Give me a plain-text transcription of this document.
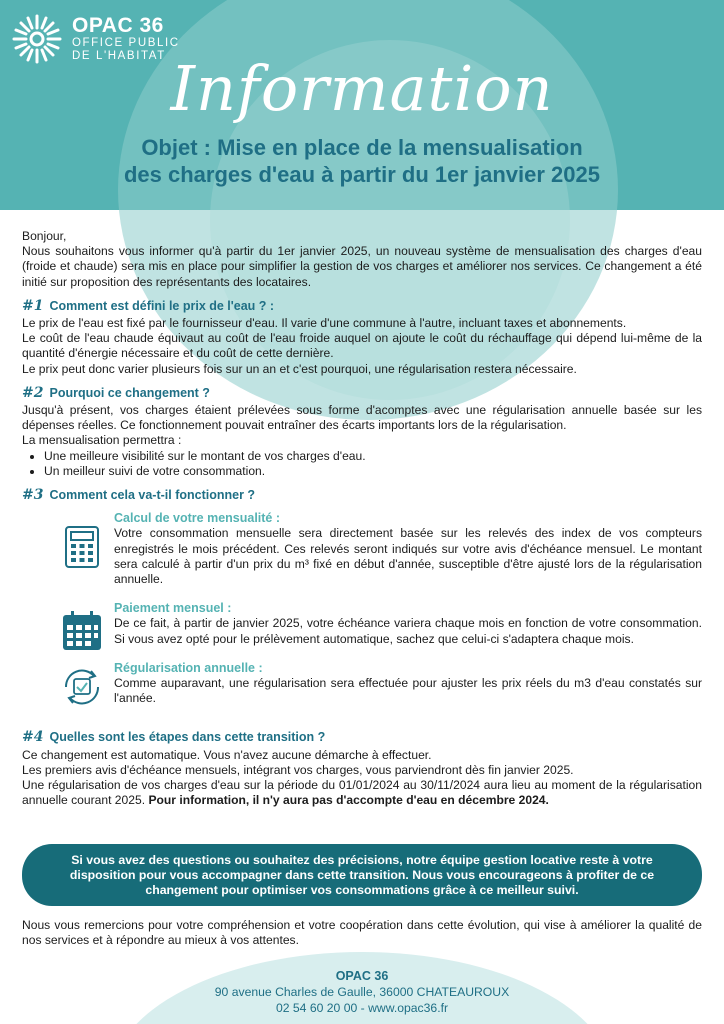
OPAC 36
OFFICE PUBLIC
DE L'HABITAT Information
Objet : Mise en place de la mensualisation
des charges d'eau à partir du 1er janvier 2025

Bonjour,

Nous souhaitons vous informer qu'à partir du 1er janvier 2025, un nouveau système de mensualisation des charges d'eau (froide et chaude) sera mis en place pour simplifier la gestion de vos charges et améliorer nos services. Ce changement a été initié sur proposition des représentants des locataires.

#1 Comment est défini le prix de l'eau ? :

Le prix de l'eau est fixé par le fournisseur d'eau. Il varie d'une commune à l'autre, incluant taxes et abonnements.

Le coût de l'eau chaude équivaut au coût de l'eau froide auquel on ajoute le coût du réchauffage qui dépend lui-même de la quantité d'énergie nécessaire et du coût de cette dernière.

Le prix peut donc varier plusieurs fois sur un an et c'est pourquoi, une régularisation restera nécessaire.

#2 Pourquoi ce changement ?

Jusqu'à présent, vos charges étaient prélevées sous forme d'acomptes avec une régularisation annuelle basée sur les dépenses réelles. Ce fonctionnement pouvait entraîner des écarts importants lors de la régularisation.

La mensualisation permettra :

• Une meilleure visibilité sur le montant de vos charges d'eau.
• Un meilleur suivi de votre consommation.
#3 Comment cela va-t-il fonctionner ?
Calcul de votre mensualité :

Votre consommation mensuelle sera directement basée sur les relevés des index de vos compteurs enregistrés le mois précédent. Ces relevés seront indiqués sur votre avis d'échéance mensuel. Le montant sera calculé à partir d'un prix du m³ fixé en début d'année, susceptible d'être ajusté lors de la régularisation annuelle.

Paiement mensuel :

De ce fait, à partir de janvier 2025, votre échéance variera chaque mois en fonction de votre consommation. Si vous avez opté pour le prélèvement automatique, sachez que celui-ci s'adaptera chaque mois.

Régularisation annuelle :

Comme auparavant, une régularisation sera effectuée pour ajuster les prix réels du m3 d'eau constatés sur l'année.

#4 Quelles sont les étapes dans cette transition ?

Ce changement est automatique. Vous n'avez aucune démarche à effectuer.

Les premiers avis d'échéance mensuels, intégrant vos charges, vous parviendront dès fin janvier 2025.

Une régularisation de vos charges d'eau sur la période du 01/01/2024 au 30/11/2024 aura lieu au moment de la régularisation annuelle courant 2025. Pour information, il n'y aura pas d'accompte d'eau en décembre 2024.

Si vous avez des questions ou souhaitez des précisions, notre équipe gestion locative reste à votre disposition pour vous accompagner dans cette transition. Nous vous encourageons à profiter de ce changement pour optimiser vos consommations grâce à ce meilleur suivi.
Nous vous remercions pour votre compréhension et votre coopération dans cette évolution, qui vise à améliorer la qualité de nos services et à répondre au mieux à vos attentes.
OPAC 36
90 avenue Charles de Gaulle, 36000 CHATEAUROUX
02 54 60 20 00 - www.opac36.fr
